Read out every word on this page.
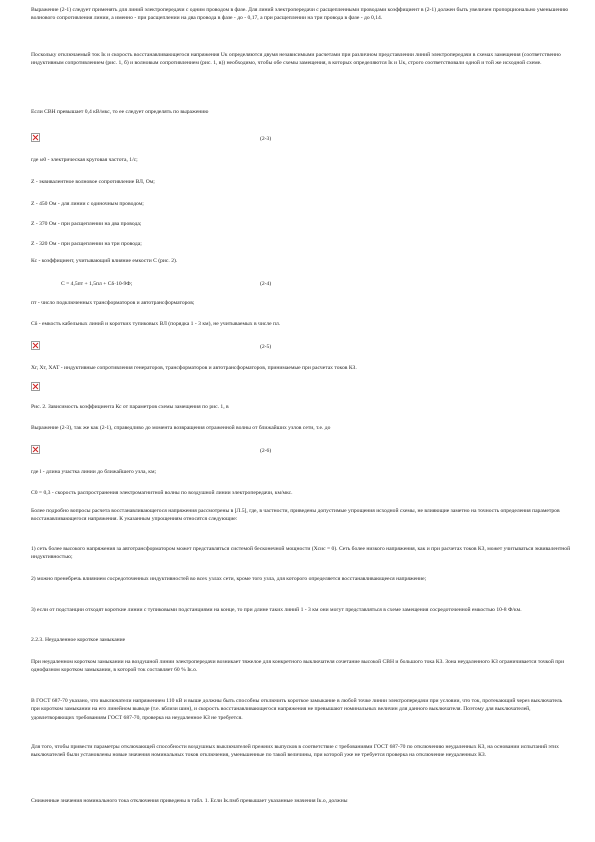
Выражение (2-1) следует применять для линий электропередачи с одним проводом в фазе. Для линий электропередачи с расщепленными проводами коэффициент в (2-1) должен быть увеличен пропорционально уменьшению волнового сопротивления линии, а именно - при расщеплении на два провода в фазе - до - 0,17, а при расщеплении на три провода в фазе - до 0,14.

Поскольку отключаемый ток Iк и скорость восстанавливающегося напряжения Uк определяются двумя независимыми расчетами при различном представлении линий электропередачи в схемах замещения (соответственно индуктивным сопротивлением (рис. 1, б) и волновым сопротивлением (рис. 1, в)) необходимо, чтобы обе схемы замещения, в которых определяются Iк и Uк, строго соответствовали одной и той же исходной схеме.

Если СВН превышает 0,4 кВ/мкс, то ее следует определять по выражению

(2-3)

где ω0 - электрическая круговая частота, 1/с;

Z - эквивалентное волновое сопротивление ВЛ, Ом;

Z - 450 Ом - для линии с одиночным проводом;

Z - 370 Ом - при расщеплении на два провода;

Z - 320 Ом - при расщеплении на три провода;

Кс - коэффициент, учитывающий влияние емкости С (рис. 2).

С = 4,5пт + 1,5пл + Сδ·10-9Ф;	(2-4)

пт - число подключенных трансформаторов и автотрансформаторов;

Сδ - емкость кабельных линий и коротких тупиковых ВЛ (порядка 1 - 3 км), не учитываемых в числе пл.

(2-5)

Хг, Хт, ХАТ - индуктивные сопротивления генераторов, трансформаторов и автотрансформаторов, принимаемые при расчетах токов КЗ.

Рис. 2. Зависимость коэффициента Кс от параметров схемы замещения по рис. 1, в

Выражение (2-3), так же как (2-1), справедливо до момента возвращения отраженной волны от ближайших узлов сети, т.е. до

(2-6)

где l - длина участка линии до ближайшего узла, км;

С0 = 0,3 - скорость распространения электромагнитной волны по воздушной линии электропередачи, км/мкс.

Более подробно вопросы расчета восстанавливающегося напряжения рассмотрены в [Л.5], где, в частности, приведены допустимые упрощения исходной схемы, не влияющие заметно на точность определения параметров восстанавливающегося напряжения. К указанным упрощениям относятся следующие:

1) сеть более высокого напряжения за автотрансформатором может представляться системой бесконечной мощности (Хсис = 0). Сеть более низкого напряжения, как и при расчетах токов КЗ, может учитываться эквивалентной индуктивностью;

2) можно пренебречь влиянием сосредоточенных индуктивностей во всех узлах сети, кроме того узла, для которого определяется восстанавливающееся напряжение;

3) если от подстанции отходят короткие линии с тупиковыми подстанциями на конце, то при длине таких линий 1 - 3 км они могут представляться в схеме замещения сосредоточенной емкостью 10-8 Ф/км.

2.2.3. Неудаленное короткое замыкание

При неудаленном коротком замыкании на воздушной линии электропередачи возникает тяжелое для конкретного выключателя сочетание высокой СВН и большого тока КЗ. Зона неудаленного КЗ ограничивается точкой при однофазном коротком замыкании, в которой ток составляет 60 % Iк.о.

В ГОСТ 687-70 указано, что выключатели напряжением 110 кВ и выше должны быть способны отключить короткое замыкание в любой точке линии электропередачи при условии, что ток, протекающий через выключатель при коротком замыкании на его линейном выводе (т.е. вблизи шин), и скорость восстанавливающегося напряжения не превышают номинальных величин для данного выключателя. Поэтому для выключателей, удовлетворяющих требованиям ГОСТ 687-70, проверка на неудаленное КЗ не требуется.

Для того, чтобы привести параметры отключающей способности воздушных выключателей прежних выпусков в соответствие с требованиями ГОСТ 687-70 по отключению неудаленных КЗ, на основании испытаний этих выключателей были установлены новые значения номинальных токов отключения, уменьшенные по такой величины, при которой уже не требуется проверка на отключение неудаленных КЗ.

Сниженные значения номинального тока отключения приведены в табл. 1. Если Iк.пмб превышает указанные значения Iк.о, должны
